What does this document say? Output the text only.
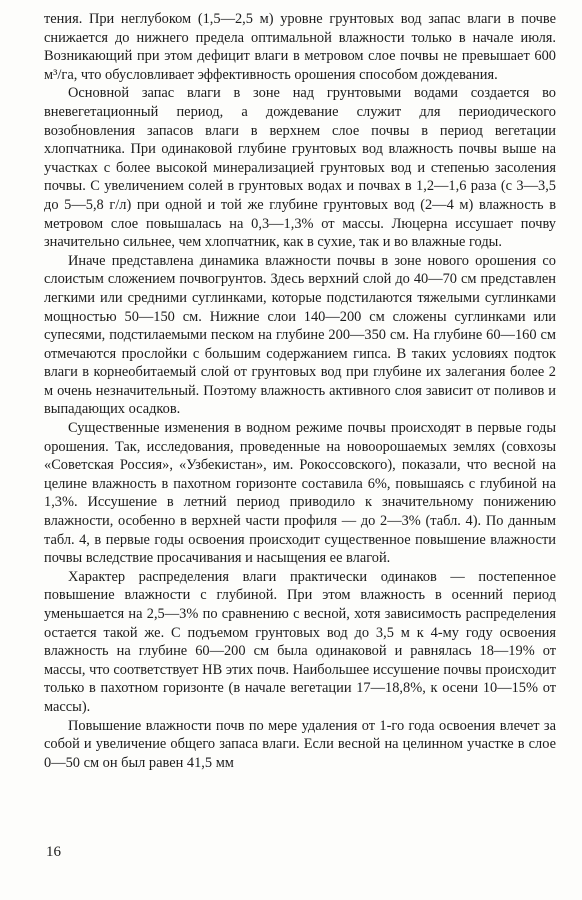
тения. При неглубоком (1,5—2,5 м) уровне грунтовых вод запас влаги в почве снижается до нижнего предела оптимальной влажности только в начале июля. Возникающий при этом дефицит влаги в метровом слое почвы не превышает 600 м³/га, что обусловливает эффективность орошения способом дождевания.

Основной запас влаги в зоне над грунтовыми водами создается во вневегетационный период, а дождевание служит для периодического возобновления запасов влаги в верхнем слое почвы в период вегетации хлопчатника. При одинаковой глубине грунтовых вод влажность почвы выше на участках с более высокой минерализацией грунтовых вод и степенью засоления почвы. С увеличением солей в грунтовых водах и почвах в 1,2—1,6 раза (с 3—3,5 до 5—5,8 г/л) при одной и той же глубине грунтовых вод (2—4 м) влажность в метровом слое повышалась на 0,3—1,3% от массы. Люцерна иссушает почву значительно сильнее, чем хлопчатник, как в сухие, так и во влажные годы.

Иначе представлена динамика влажности почвы в зоне нового орошения со слоистым сложением почвогрунтов. Здесь верхний слой до 40—70 см представлен легкими или средними суглинками, которые подстилаются тяжелыми суглинками мощностью 50—150 см. Нижние слои 140—200 см сложены суглинками или супесями, подстилаемыми песком на глубине 200—350 см. На глубине 60—160 см отмечаются прослойки с большим содержанием гипса. В таких условиях подток влаги в корнеобитаемый слой от грунтовых вод при глубине их залегания более 2 м очень незначительный. Поэтому влажность активного слоя зависит от поливов и выпадающих осадков.

Существенные изменения в водном режиме почвы происходят в первые годы орошения. Так, исследования, проведенные на новоорошаемых землях (совхозы «Советская Россия», «Узбекистан», им. Рокоссовского), показали, что весной на целине влажность в пахотном горизонте составила 6%, повышаясь с глубиной на 1,3%. Иссушение в летний период приводило к значительному понижению влажности, особенно в верхней части профиля — до 2—3% (табл. 4). По данным табл. 4, в первые годы освоения происходит существенное повышение влажности почвы вследствие просачивания и насыщения ее влагой.

Характер распределения влаги практически одинаков — постепенное повышение влажности с глубиной. При этом влажность в осенний период уменьшается на 2,5—3% по сравнению с весной, хотя зависимость распределения остается такой же. С подъемом грунтовых вод до 3,5 м к 4-му году освоения влажность на глубине 60—200 см была одинаковой и равнялась 18—19% от массы, что соответствует НВ этих почв. Наибольшее иссушение почвы происходит только в пахотном горизонте (в начале вегетации 17—18,8%, к осени 10—15% от массы).

Повышение влажности почв по мере удаления от 1-го года освоения влечет за собой и увеличение общего запаса влаги. Если весной на целинном участке в слое 0—50 см он был равен 41,5 мм

16
